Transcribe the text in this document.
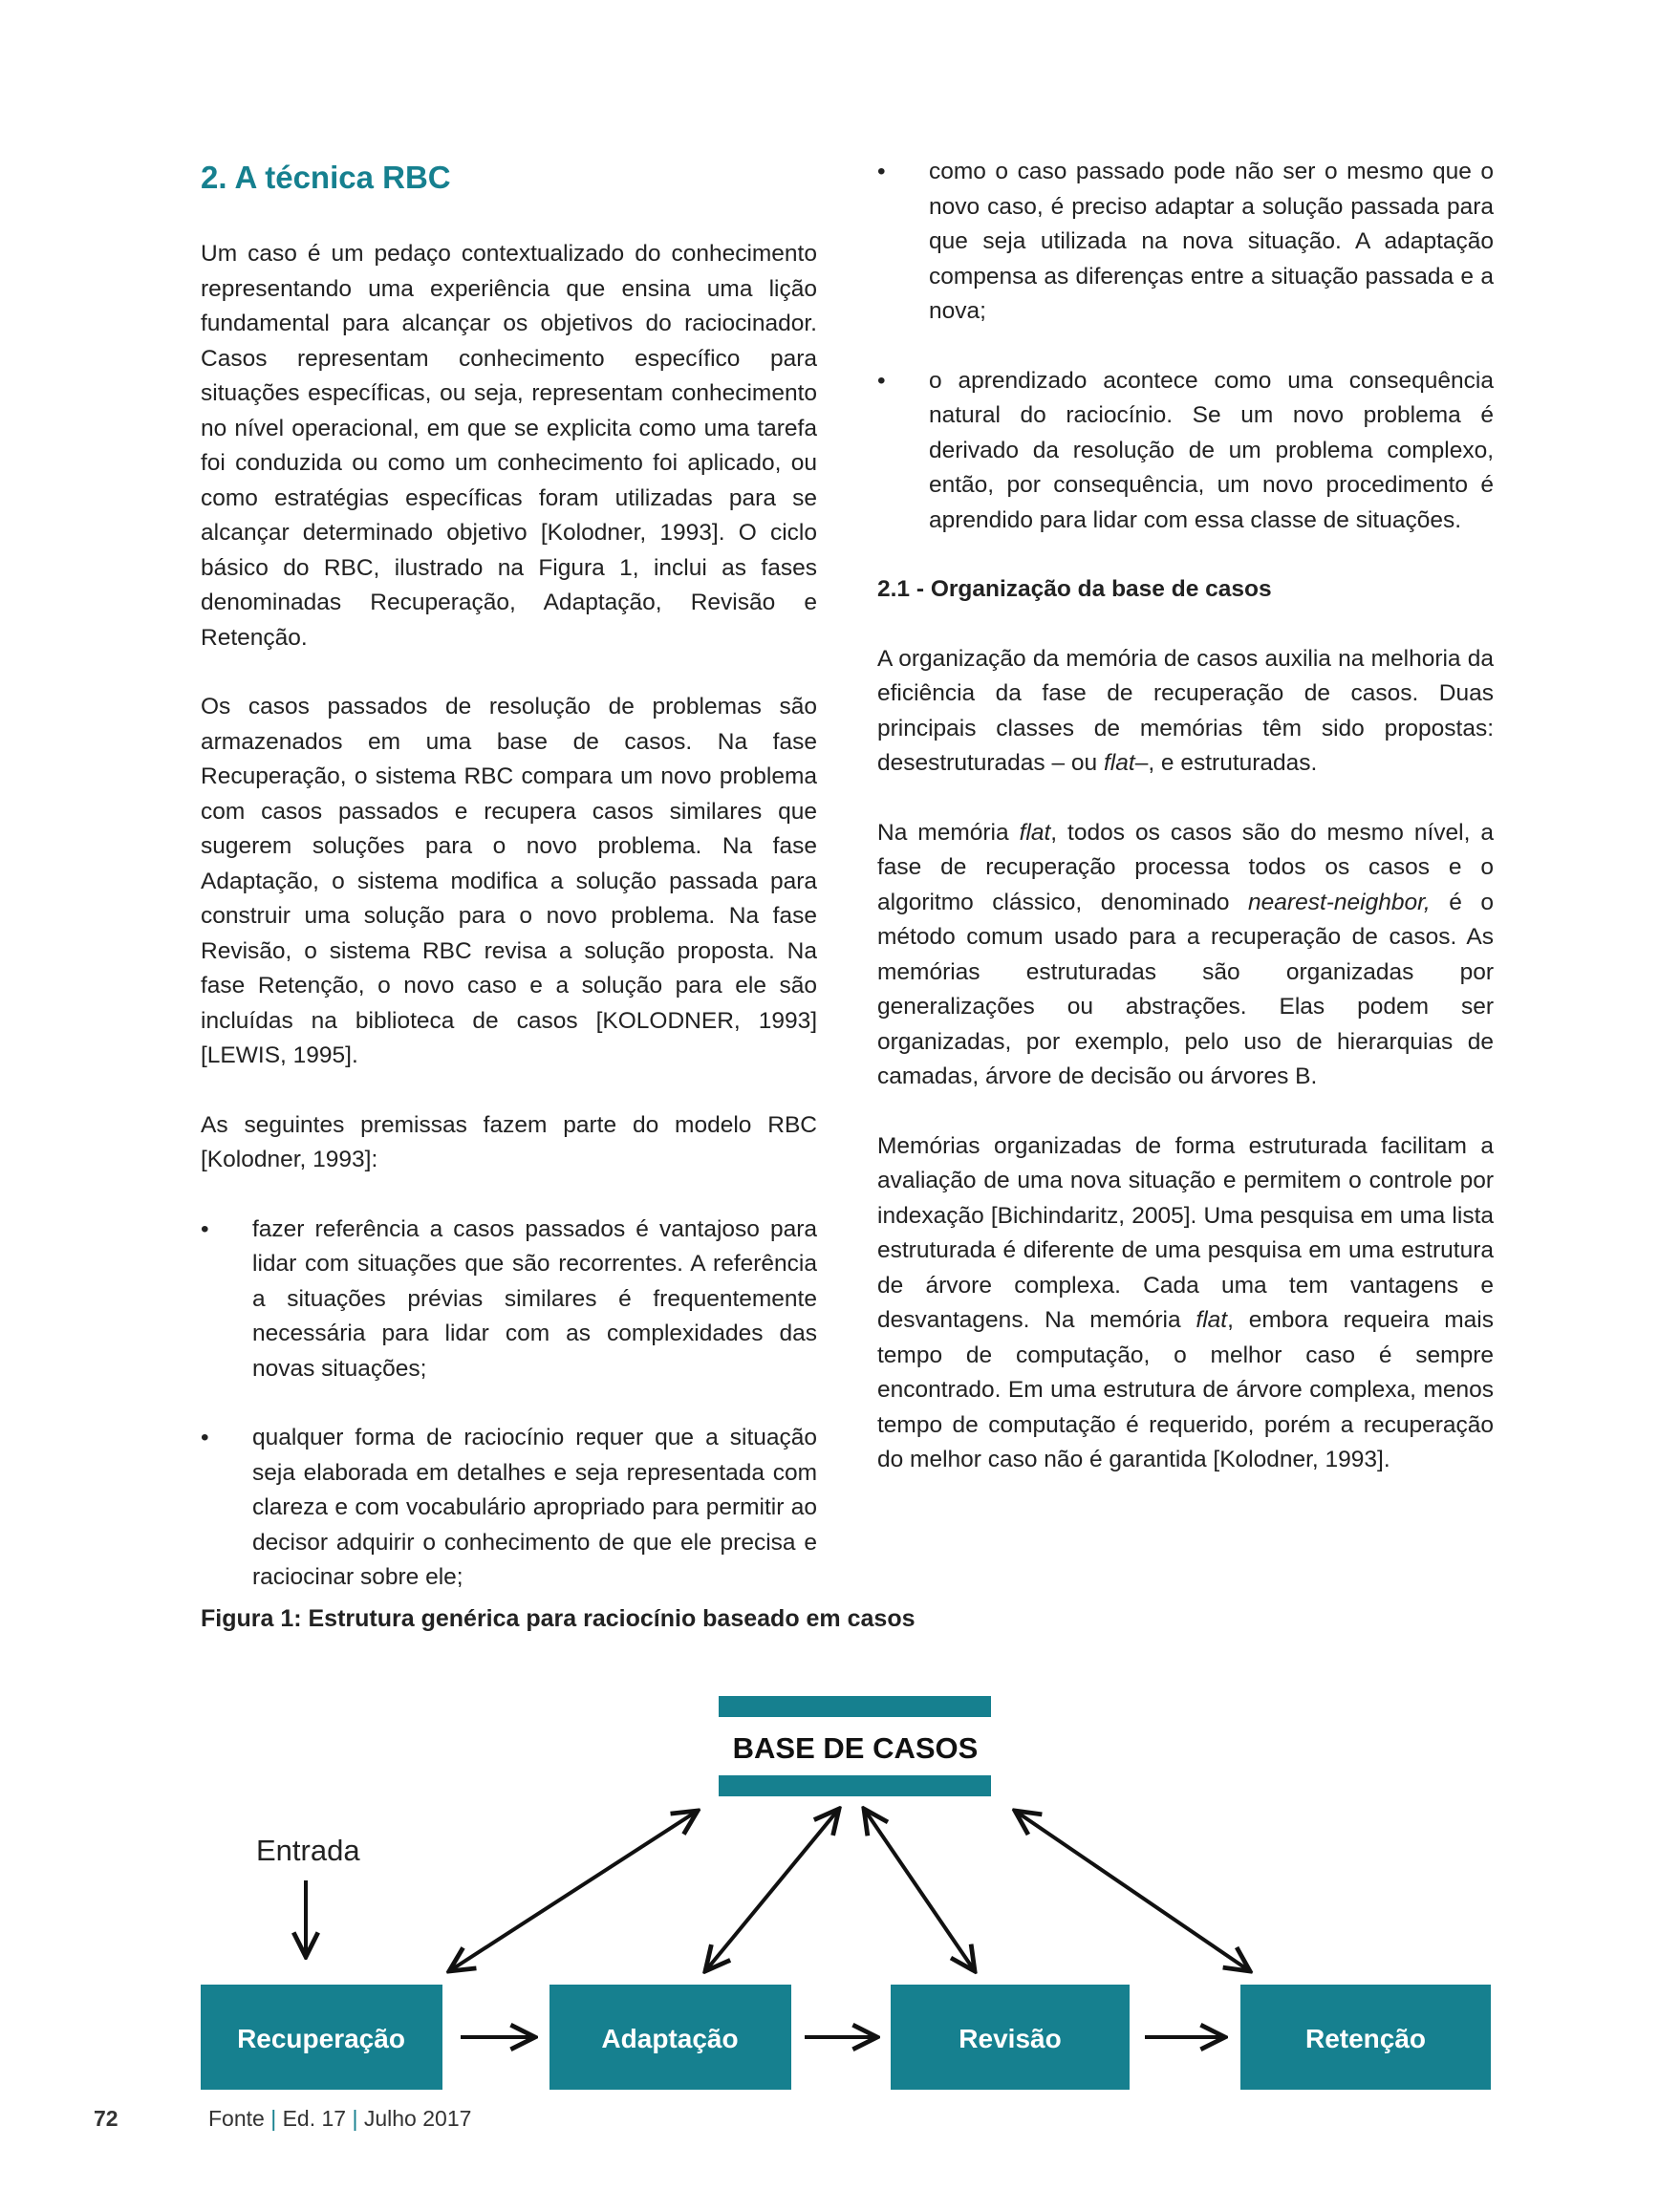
2. A técnica RBC

Um caso é um pedaço contextualizado do conhecimento representando uma experiência que ensina uma lição fundamental para alcançar os objetivos do raciocinador. Casos representam conhecimento específico para situações específicas, ou seja, representam conhecimento no nível operacional, em que se explicita como uma tarefa foi conduzida ou como um conhecimento foi aplicado, ou como estratégias específicas foram utilizadas para se alcançar determinado objetivo [Kolodner, 1993]. O ciclo básico do RBC, ilustrado na Figura 1, inclui as fases denominadas Recuperação, Adaptação, Revisão e Retenção.

Os casos passados de resolução de problemas são armazenados em uma base de casos. Na fase Recuperação, o sistema RBC compara um novo problema com casos passados e recupera casos similares que sugerem soluções para o novo problema. Na fase Adaptação, o sistema modifica a solução passada para construir uma solução para o novo problema. Na fase Revisão, o sistema RBC revisa a solução proposta. Na fase Retenção, o novo caso e a solução para ele são incluídas na biblioteca de casos [KOLODNER, 1993] [LEWIS, 1995].

As seguintes premissas fazem parte do modelo RBC [Kolodner, 1993]:

• fazer referência a casos passados é vantajoso para lidar com situações que são recorrentes. A referência a situações prévias similares é frequentemente necessária para lidar com as complexidades das novas situações;
• qualquer forma de raciocínio requer que a situação seja elaborada em detalhes e seja representada com clareza e com vocabulário apropriado para permitir ao decisor adquirir o conhecimento de que ele precisa e raciocinar sobre ele;
• como o caso passado pode não ser o mesmo que o novo caso, é preciso adaptar a solução passada para que seja utilizada na nova situação. A adaptação compensa as diferenças entre a situação passada e a nova;
• o aprendizado acontece como uma consequência natural do raciocínio. Se um novo problema é derivado da resolução de um problema complexo, então, por consequência, um novo procedimento é aprendido para lidar com essa classe de situações.
2.1 - Organização da base de casos

A organização da memória de casos auxilia na melhoria da eficiência da fase de recuperação de casos. Duas principais classes de memórias têm sido propostas: desestruturadas – ou flat–, e estruturadas.

Na memória flat, todos os casos são do mesmo nível, a fase de recuperação processa todos os casos e o algoritmo clássico, denominado nearest-neighbor, é o método comum usado para a recuperação de casos. As memórias estruturadas são organizadas por generalizações ou abstrações. Elas podem ser organizadas, por exemplo, pelo uso de hierarquias de camadas, árvore de decisão ou árvores B.

Memórias organizadas de forma estruturada facilitam a avaliação de uma nova situação e permitem o controle por indexação [Bichindaritz, 2005]. Uma pesquisa em uma lista estruturada é diferente de uma pesquisa em uma estrutura de árvore complexa. Cada uma tem vantagens e desvantagens. Na memória flat, embora requeira mais tempo de computação, o melhor caso é sempre encontrado. Em uma estrutura de árvore complexa, menos tempo de computação é requerido, porém a recuperação do melhor caso não é garantida [Kolodner, 1993].

Figura 1: Estrutura genérica para raciocínio baseado em casos
BASE DE CASOS
Entrada
Recuperação	Adaptação	Revisão	Retenção
72	Fonte | Ed. 17 | Julho 2017
